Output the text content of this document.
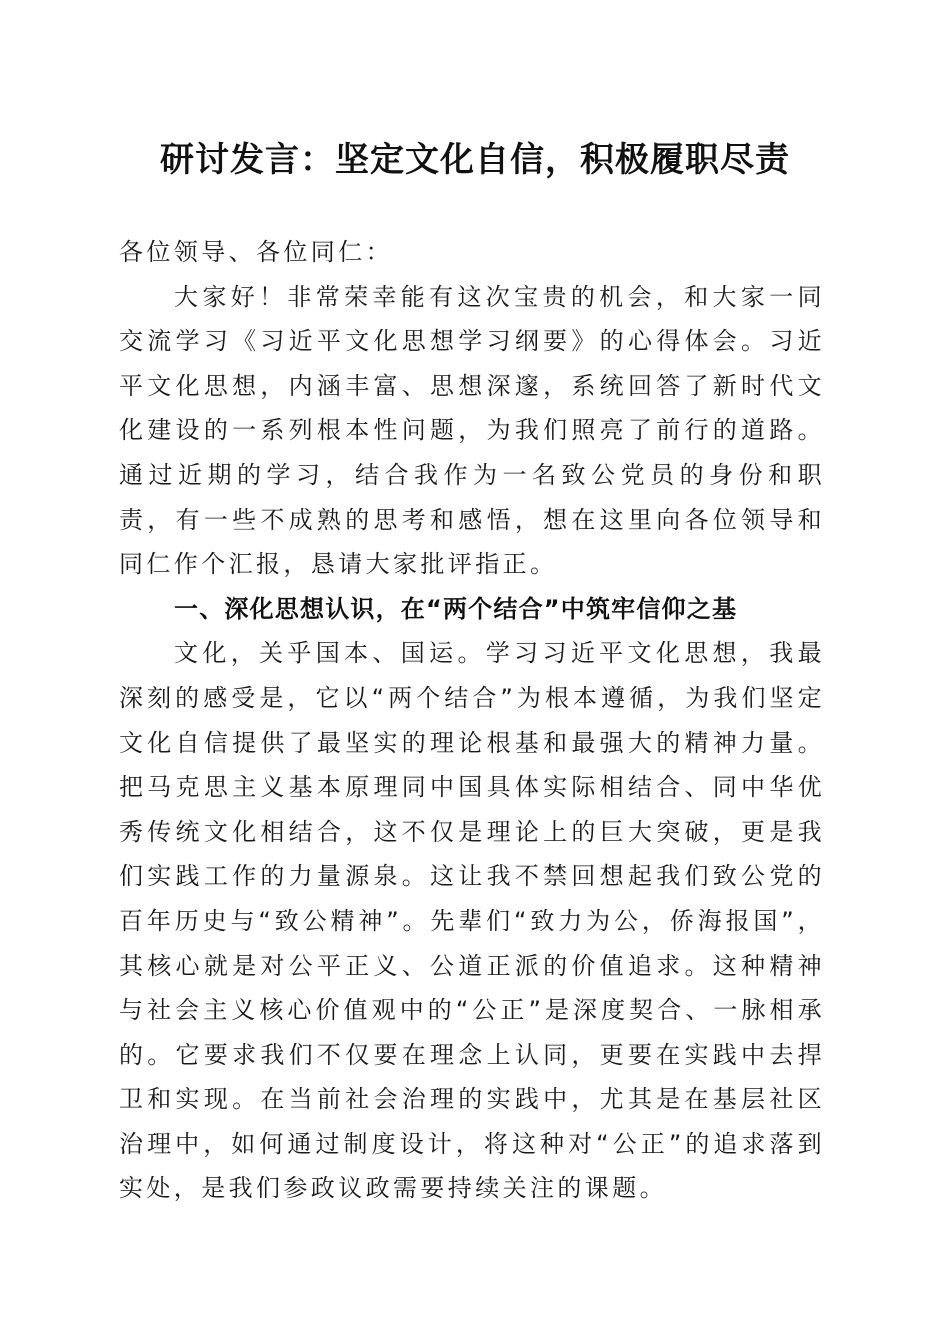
研讨发言：坚定文化自信，积极履职尽责

各位领导、各位同仁：

大家好！非常荣幸能有这次宝贵的机会，和大家一同交流学习《习近平文化思想学习纲要》的心得体会。习近平文化思想，内涵丰富、思想深邃，系统回答了新时代文化建设的一系列根本性问题，为我们照亮了前行的道路。通过近期的学习，结合我作为一名致公党员的身份和职责，有一些不成熟的思考和感悟，想在这里向各位领导和同仁作个汇报，恳请大家批评指正。

一、深化思想认识，在“两个结合”中筑牢信仰之基

文化，关乎国本、国运。学习习近平文化思想，我最深刻的感受是，它以“两个结合”为根本遵循，为我们坚定文化自信提供了最坚实的理论根基和最强大的精神力量。把马克思主义基本原理同中国具体实际相结合、同中华优秀传统文化相结合，这不仅是理论上的巨大突破，更是我们实践工作的力量源泉。这让我不禁回想起我们致公党的百年历史与“致公精神”。先辈们“致力为公，侨海报国”，其核心就是对公平正义、公道正派的价值追求。这种精神与社会主义核心价值观中的“公正”是深度契合、一脉相承的。它要求我们不仅要在理念上认同，更要在实践中去捍卫和实现。在当前社会治理的实践中，尤其是在基层社区治理中，如何通过制度设计，将这种对“公正”的追求落到实处，是我们参政议政需要持续关注的课题。
